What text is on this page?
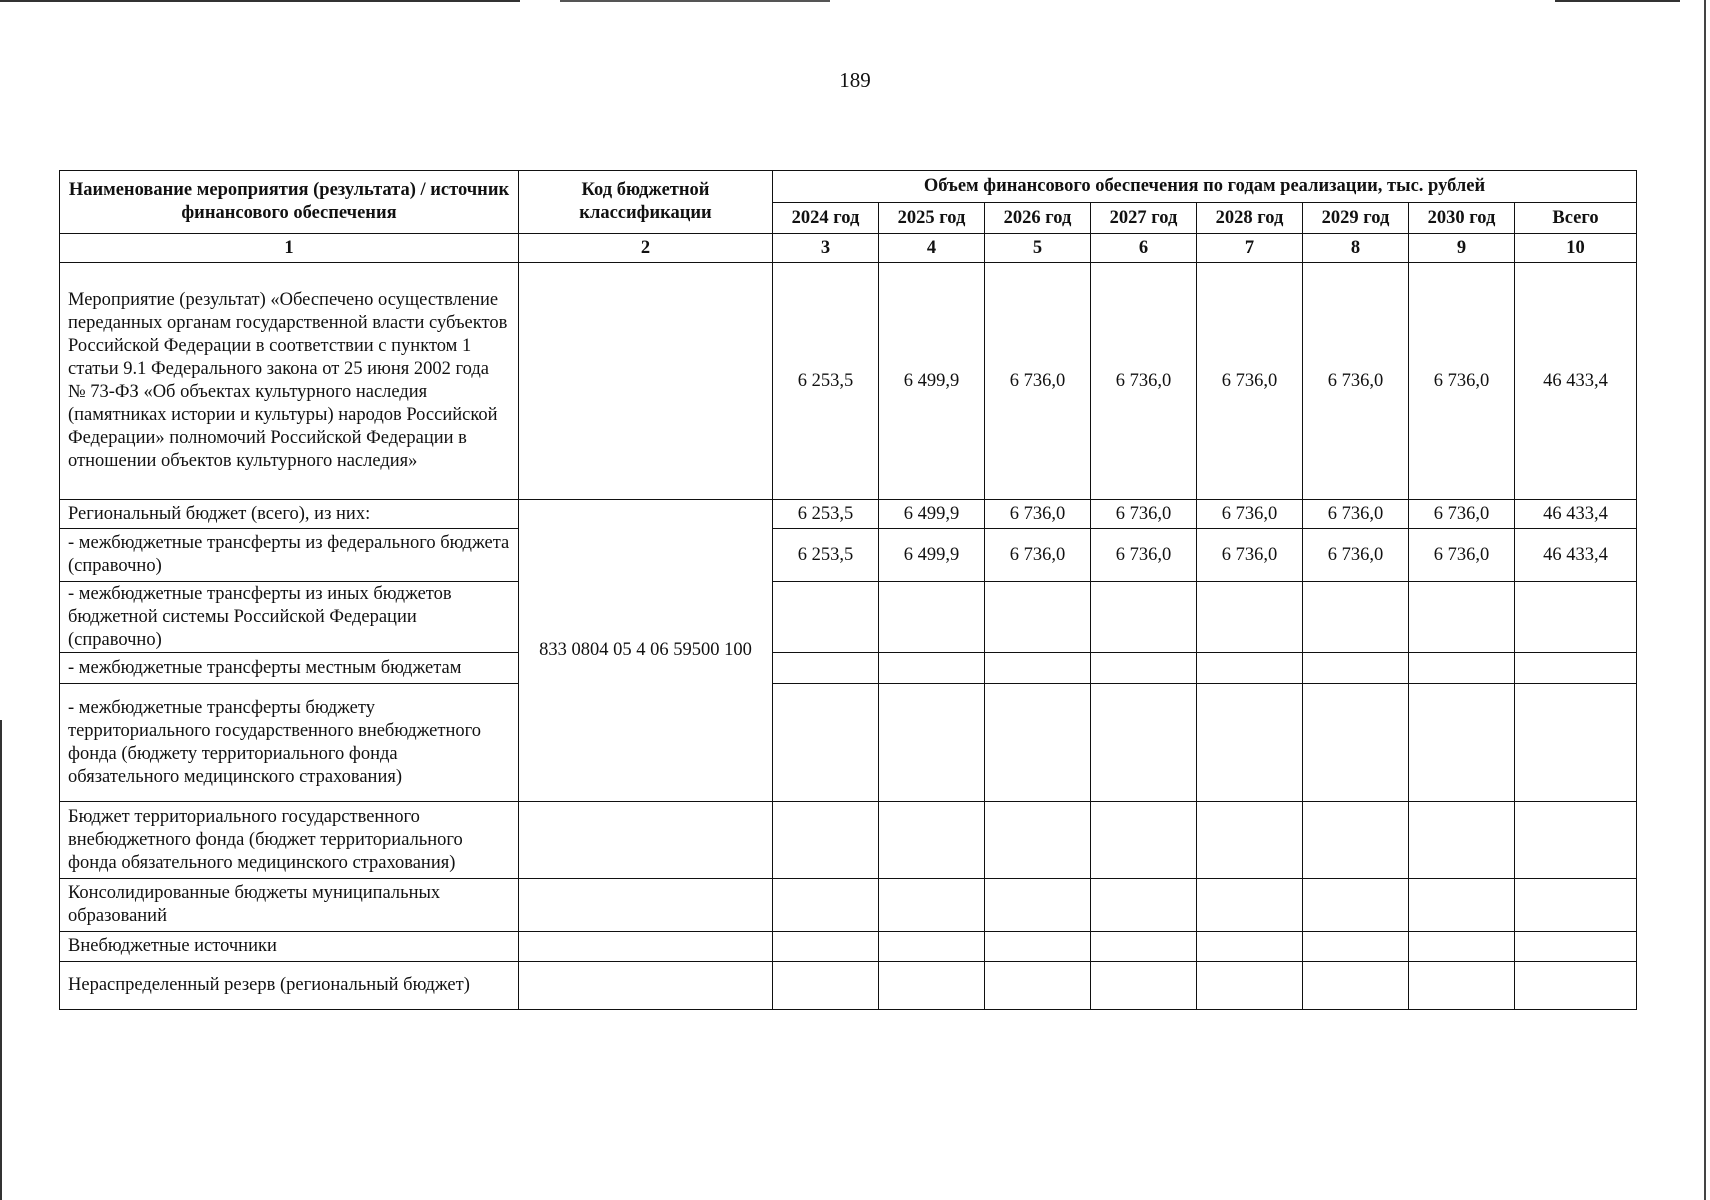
189
Наименование мероприятия (результата) / источник финансового обеспечения	Код бюджетной классификации	Объем финансового обеспечения по годам реализации, тыс. рублей							
		2024 год	2025 год	2026 год	2027 год	2028 год	2029 год	2030 год	Всего
1	2	3	4	5	6	7	8	9	10
Мероприятие (результат) «Обеспечено осуществление переданных органам государственной власти субъектов Российской Федерации в соответствии с пунктом 1 статьи 9.1 Федерального закона от 25 июня 2002 года № 73-ФЗ «Об объектах культурного наследия (памятниках истории и культуры) народов Российской Федерации» полномочий Российской Федерации в отношении объектов культурного наследия»		6 253,5	6 499,9	6 736,0	6 736,0	6 736,0	6 736,0	6 736,0	46 433,4
Региональный бюджет (всего), из них:	833 0804 05 4 06 59500 100	6 253,5	6 499,9	6 736,0	6 736,0	6 736,0	6 736,0	6 736,0	46 433,4
- межбюджетные трансферты из федерального бюджета (справочно)		6 253,5	6 499,9	6 736,0	6 736,0	6 736,0	6 736,0	6 736,0	46 433,4
- межбюджетные трансферты из иных бюджетов бюджетной системы Российской Федерации (справочно)									
- межбюджетные трансферты местным бюджетам									
- межбюджетные трансферты бюджету территориального государственного внебюджетного фонда (бюджету территориального фонда обязательного медицинского страхования)									
Бюджет территориального государственного внебюджетного фонда (бюджет территориального фонда обязательного медицинского страхования)									
Консолидированные бюджеты муниципальных образований									
Внебюджетные источники									
Нераспределенный резерв (региональный бюджет)									
